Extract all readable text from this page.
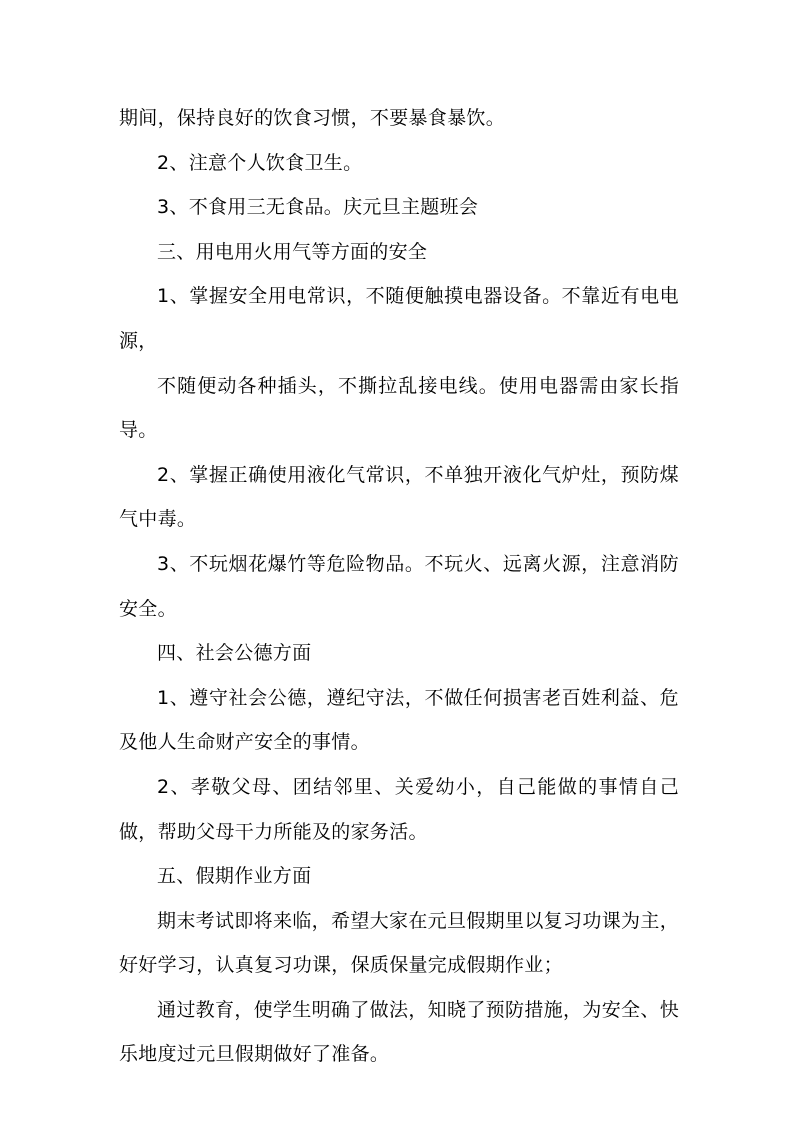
期间，保持良好的饮食习惯，不要暴食暴饮。

2、注意个人饮食卫生。

3、不食用三无食品。庆元旦主题班会

三、用电用火用气等方面的安全

1、掌握安全用电常识，不随便触摸电器设备。不靠近有电电源，

不随便动各种插头，不撕拉乱接电线。使用电器需由家长指导。

2、掌握正确使用液化气常识，不单独开液化气炉灶，预防煤气中毒。

3、不玩烟花爆竹等危险物品。不玩火、远离火源，注意消防安全。

四、社会公德方面

1、遵守社会公德，遵纪守法，不做任何损害老百姓利益、危及他人生命财产安全的事情。

2、孝敬父母、团结邻里、关爱幼小，自己能做的事情自己做，帮助父母干力所能及的家务活。

五、假期作业方面

期末考试即将来临，希望大家在元旦假期里以复习功课为主，好好学习，认真复习功课，保质保量完成假期作业；

通过教育，使学生明确了做法，知晓了预防措施，为安全、快乐地度过元旦假期做好了准备。
